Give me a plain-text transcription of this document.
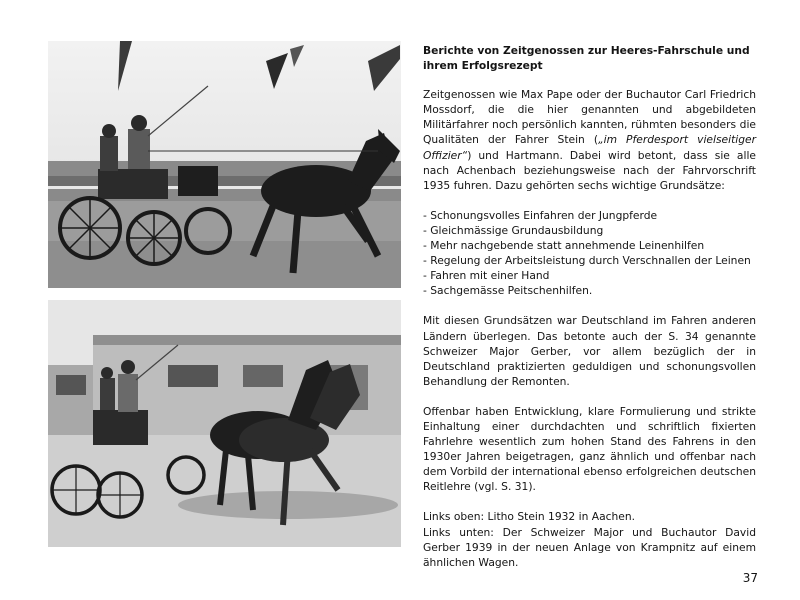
Berichte von Zeitgenossen zur Heeres-Fahrschule und ihrem Erfolgsrezept

Zeitgenossen wie Max Pape oder der Buchautor Carl Friedrich Mossdorf, die die hier genannten und abgebildeten Militärfahrer noch persönlich kannten, rühmten besonders die Qualitäten der Fahrer Stein („im Pferdesport vielseitiger Offizier“) und Hartmann. Dabei wird betont, dass sie alle nach Achenbach beziehungsweise nach der Fahrvorschrift 1935 fuhren. Dazu gehörten sechs wichtige Grundsätze:

- Schonungsvolles Einfahren der Jungpferde
- Gleichmässige Grundausbildung
- Mehr nachgebende statt annehmende Leinenhilfen
- Regelung der Arbeitsleistung durch Verschnallen der Leinen
- Fahren mit einer Hand
- Sachgemässe Peitschenhilfen.

Mit diesen Grundsätzen war Deutschland im Fahren anderen Ländern überlegen. Das betonte auch der S. 34 genannte Schweizer Major Gerber, vor allem bezüglich der in Deutschland praktizierten geduldigen und schonungsvollen Behandlung der Remonten.

Offenbar haben Entwicklung, klare Formulierung und strikte Einhaltung einer durchdachten und schriftlich fixierten Fahrlehre wesentlich zum hohen Stand des Fahrens in den 1930er Jahren beigetragen, ganz ähnlich und offenbar nach dem Vorbild der international ebenso erfolgreichen deutschen Reitlehre (vgl. S. 31).

Links oben: Litho Stein 1932 in Aachen.

Links unten: Der Schweizer Major und Buchautor David Gerber 1939 in der neuen Anlage von Krampnitz auf einem ähnlichen Wagen.

37
